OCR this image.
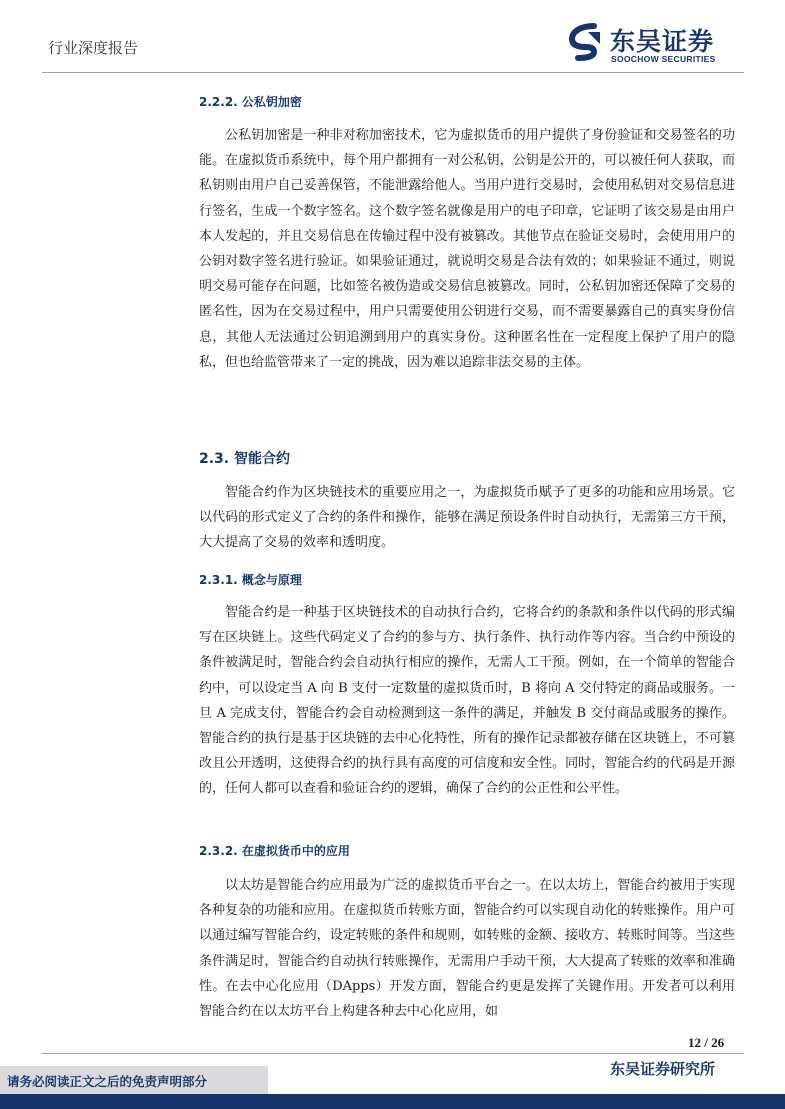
行业深度报告	东吴证券
SOOCHOW SECURITIES
2.2.2. 公私钥加密
公私钥加密是一种非对称加密技术，它为虚拟货币的用户提供了身份验证和交易签名的功能。在虚拟货币系统中，每个用户都拥有一对公私钥，公钥是公开的，可以被任何人获取，而私钥则由用户自己妥善保管，不能泄露给他人。当用户进行交易时，会使用私钥对交易信息进行签名，生成一个数字签名。这个数字签名就像是用户的电子印章，它证明了该交易是由用户本人发起的，并且交易信息在传输过程中没有被篡改。其他节点在验证交易时，会使用用户的公钥对数字签名进行验证。如果验证通过，就说明交易是合法有效的；如果验证不通过，则说明交易可能存在问题，比如签名被伪造或交易信息被篡改。同时，公私钥加密还保障了交易的匿名性，因为在交易过程中，用户只需要使用公钥进行交易，而不需要暴露自己的真实身份信息，其他人无法通过公钥追溯到用户的真实身份。这种匿名性在一定程度上保护了用户的隐私，但也给监管带来了一定的挑战，因为难以追踪非法交易的主体。
2.3. 智能合约
智能合约作为区块链技术的重要应用之一，为虚拟货币赋予了更多的功能和应用场景。它以代码的形式定义了合约的条件和操作，能够在满足预设条件时自动执行，无需第三方干预，大大提高了交易的效率和透明度。
2.3.1. 概念与原理
智能合约是一种基于区块链技术的自动执行合约，它将合约的条款和条件以代码的形式编写在区块链上。这些代码定义了合约的参与方、执行条件、执行动作等内容。当合约中预设的条件被满足时，智能合约会自动执行相应的操作，无需人工干预。例如，在一个简单的智能合约中，可以设定当 A 向 B 支付一定数量的虚拟货币时，B 将向 A 交付特定的商品或服务。一旦 A 完成支付，智能合约会自动检测到这一条件的满足，并触发 B 交付商品或服务的操作。智能合约的执行是基于区块链的去中心化特性，所有的操作记录都被存储在区块链上，不可篡改且公开透明，这使得合约的执行具有高度的可信度和安全性。同时，智能合约的代码是开源的，任何人都可以查看和验证合约的逻辑，确保了合约的公正性和公平性。
2.3.2. 在虚拟货币中的应用
以太坊是智能合约应用最为广泛的虚拟货币平台之一。在以太坊上，智能合约被用于实现各种复杂的功能和应用。在虚拟货币转账方面，智能合约可以实现自动化的转账操作。用户可以通过编写智能合约，设定转账的条件和规则，如转账的金额、接收方、转账时间等。当这些条件满足时，智能合约自动执行转账操作，无需用户手动干预，大大提高了转账的效率和准确性。在去中心化应用（DApps）开发方面，智能合约更是发挥了关键作用。开发者可以利用智能合约在以太坊平台上构建各种去中心化应用，如
12 / 26
请务必阅读正文之后的免责声明部分
东吴证券研究所
